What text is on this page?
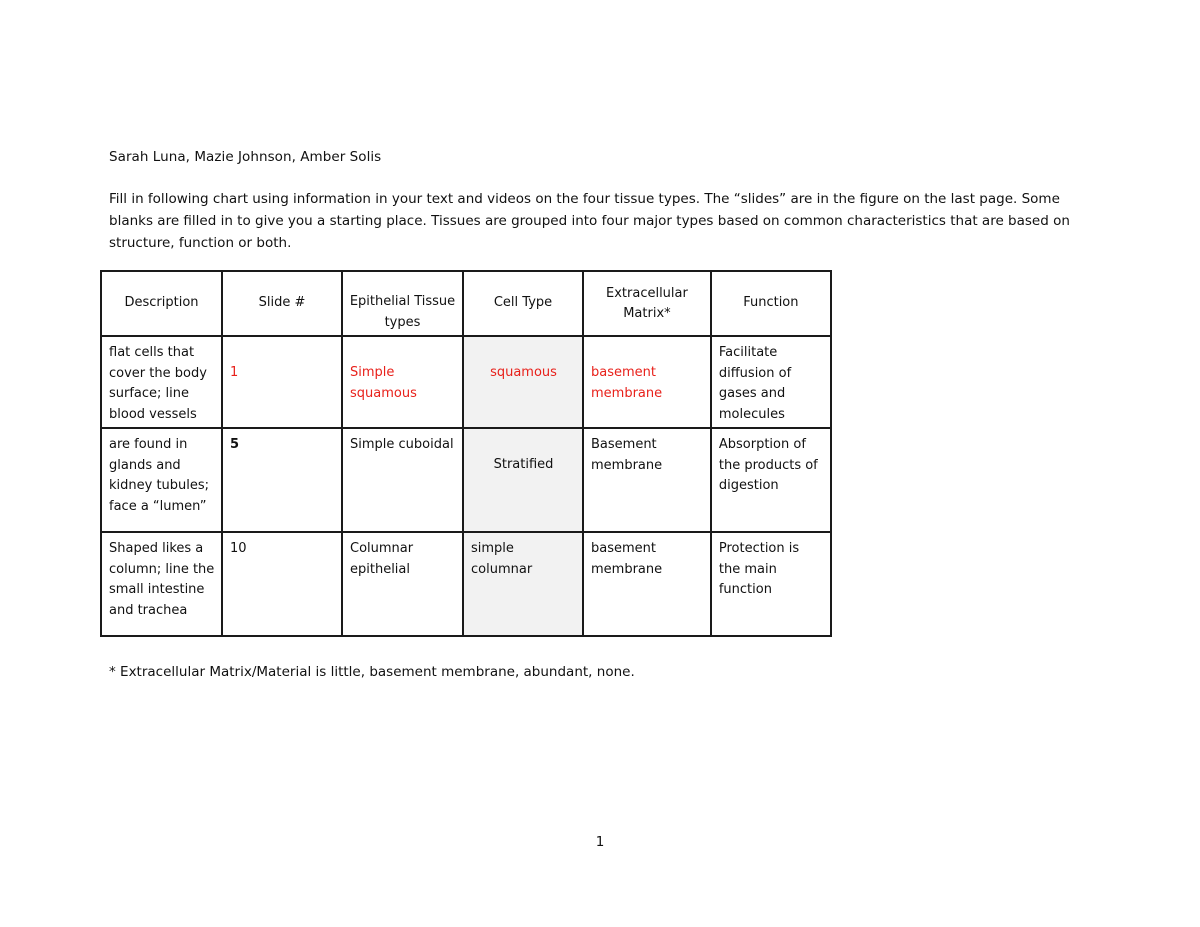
Sarah Luna, Mazie Johnson, Amber Solis

Fill in following chart using information in your text and videos on the four tissue types. The “slides” are in the figure on the last page. Some blanks are filled in to give you a starting place. Tissues are grouped into four major types based on common characteristics that are based on structure, function or both.

Description	Slide #	Epithelial Tissue types	Cell Type	Extracellular Matrix*	Function
flat cells that cover the body surface; line blood vessels	1	Simple squamous	squamous	basement membrane	Facilitate diffusion of gases and molecules
are found in glands and kidney tubules; face a “lumen”	5	Simple cuboidal	Stratified	Basement membrane	Absorption of the products of digestion
Shaped likes a column; line the small intestine and trachea	10	Columnar epithelial	simple columnar	basement membrane	Protection is the main function
* Extracellular Matrix/Material is little, basement membrane, abundant, none.
1
